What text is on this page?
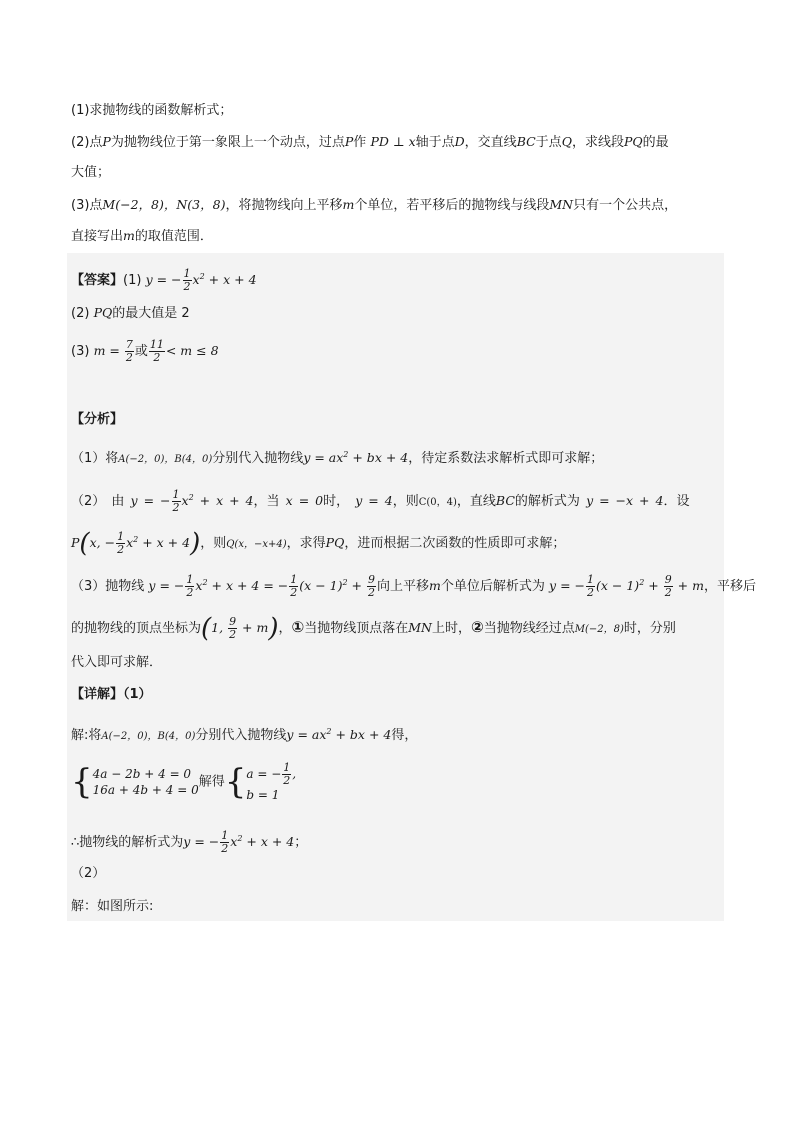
(1)求抛物线的函数解析式；
(2)点P为抛物线位于第一象限上一个动点，过点P作 PD ⊥ x轴于点D，交直线BC于点Q，求线段PQ的最
大值；
(3)点M(−2，8)，N(3，8)，将抛物线向上平移m个单位，若平移后的抛物线与线段MN只有一个公共点，
直接写出m的取值范围．
【答案】(1) y = − $\frac{1}{2} x^2 + x + 4$
(2) PQ的最大值是 2
(3) $m = \frac{7}{2}$ 或 $\frac{11}{2} < m \le 8$
【分析】
（1）将A(−2，0)，B(4，0)分别代入抛物线$y = ax^2$ + bx + 4，待定系数法求解析式即可求解；
（2） 由 y = − $\frac{1}{2} x^2 + x + 4$，当 x = 0时， y = 4，则C(0，4)，直线BC的解析式为 y = −x + 4．设
P(x, − $\frac{1}{2} x^2 + x + 4$)，则Q(x，−x+4)，求得PQ，进而根据二次函数的性质即可求解；
（3）抛物线 y = − $\frac{1}{2} x^2 + x + 4$ = − $\frac{1}{2} (x - 1)^2 + \frac{9}{2}$ 向上平移m个单位后解析式为 y = − $\frac{1}{2} (x - 1)^2 + \frac{9}{2} + m$，平移后
的抛物线的顶点坐标为(1, $\frac{9}{2} + m$)，①当抛物线顶点落在MN上时，②当抛物线经过点M(−2，8)时，分别
代入即可求解．
【详解】（1）
解:将A(−2，0)，B(4，0)分别代入抛物线$y = ax^2$ + bx + 4得，
{ 4a − 2b + 4 = 0
16a + 4b + 4 = 0
解得{ a = − $\frac{1}{2}$ ,
b = 1
∴抛物线的解析式为y = − $\frac{1}{2} x^2 + x + 4$；
（2）
解：如图所示:
